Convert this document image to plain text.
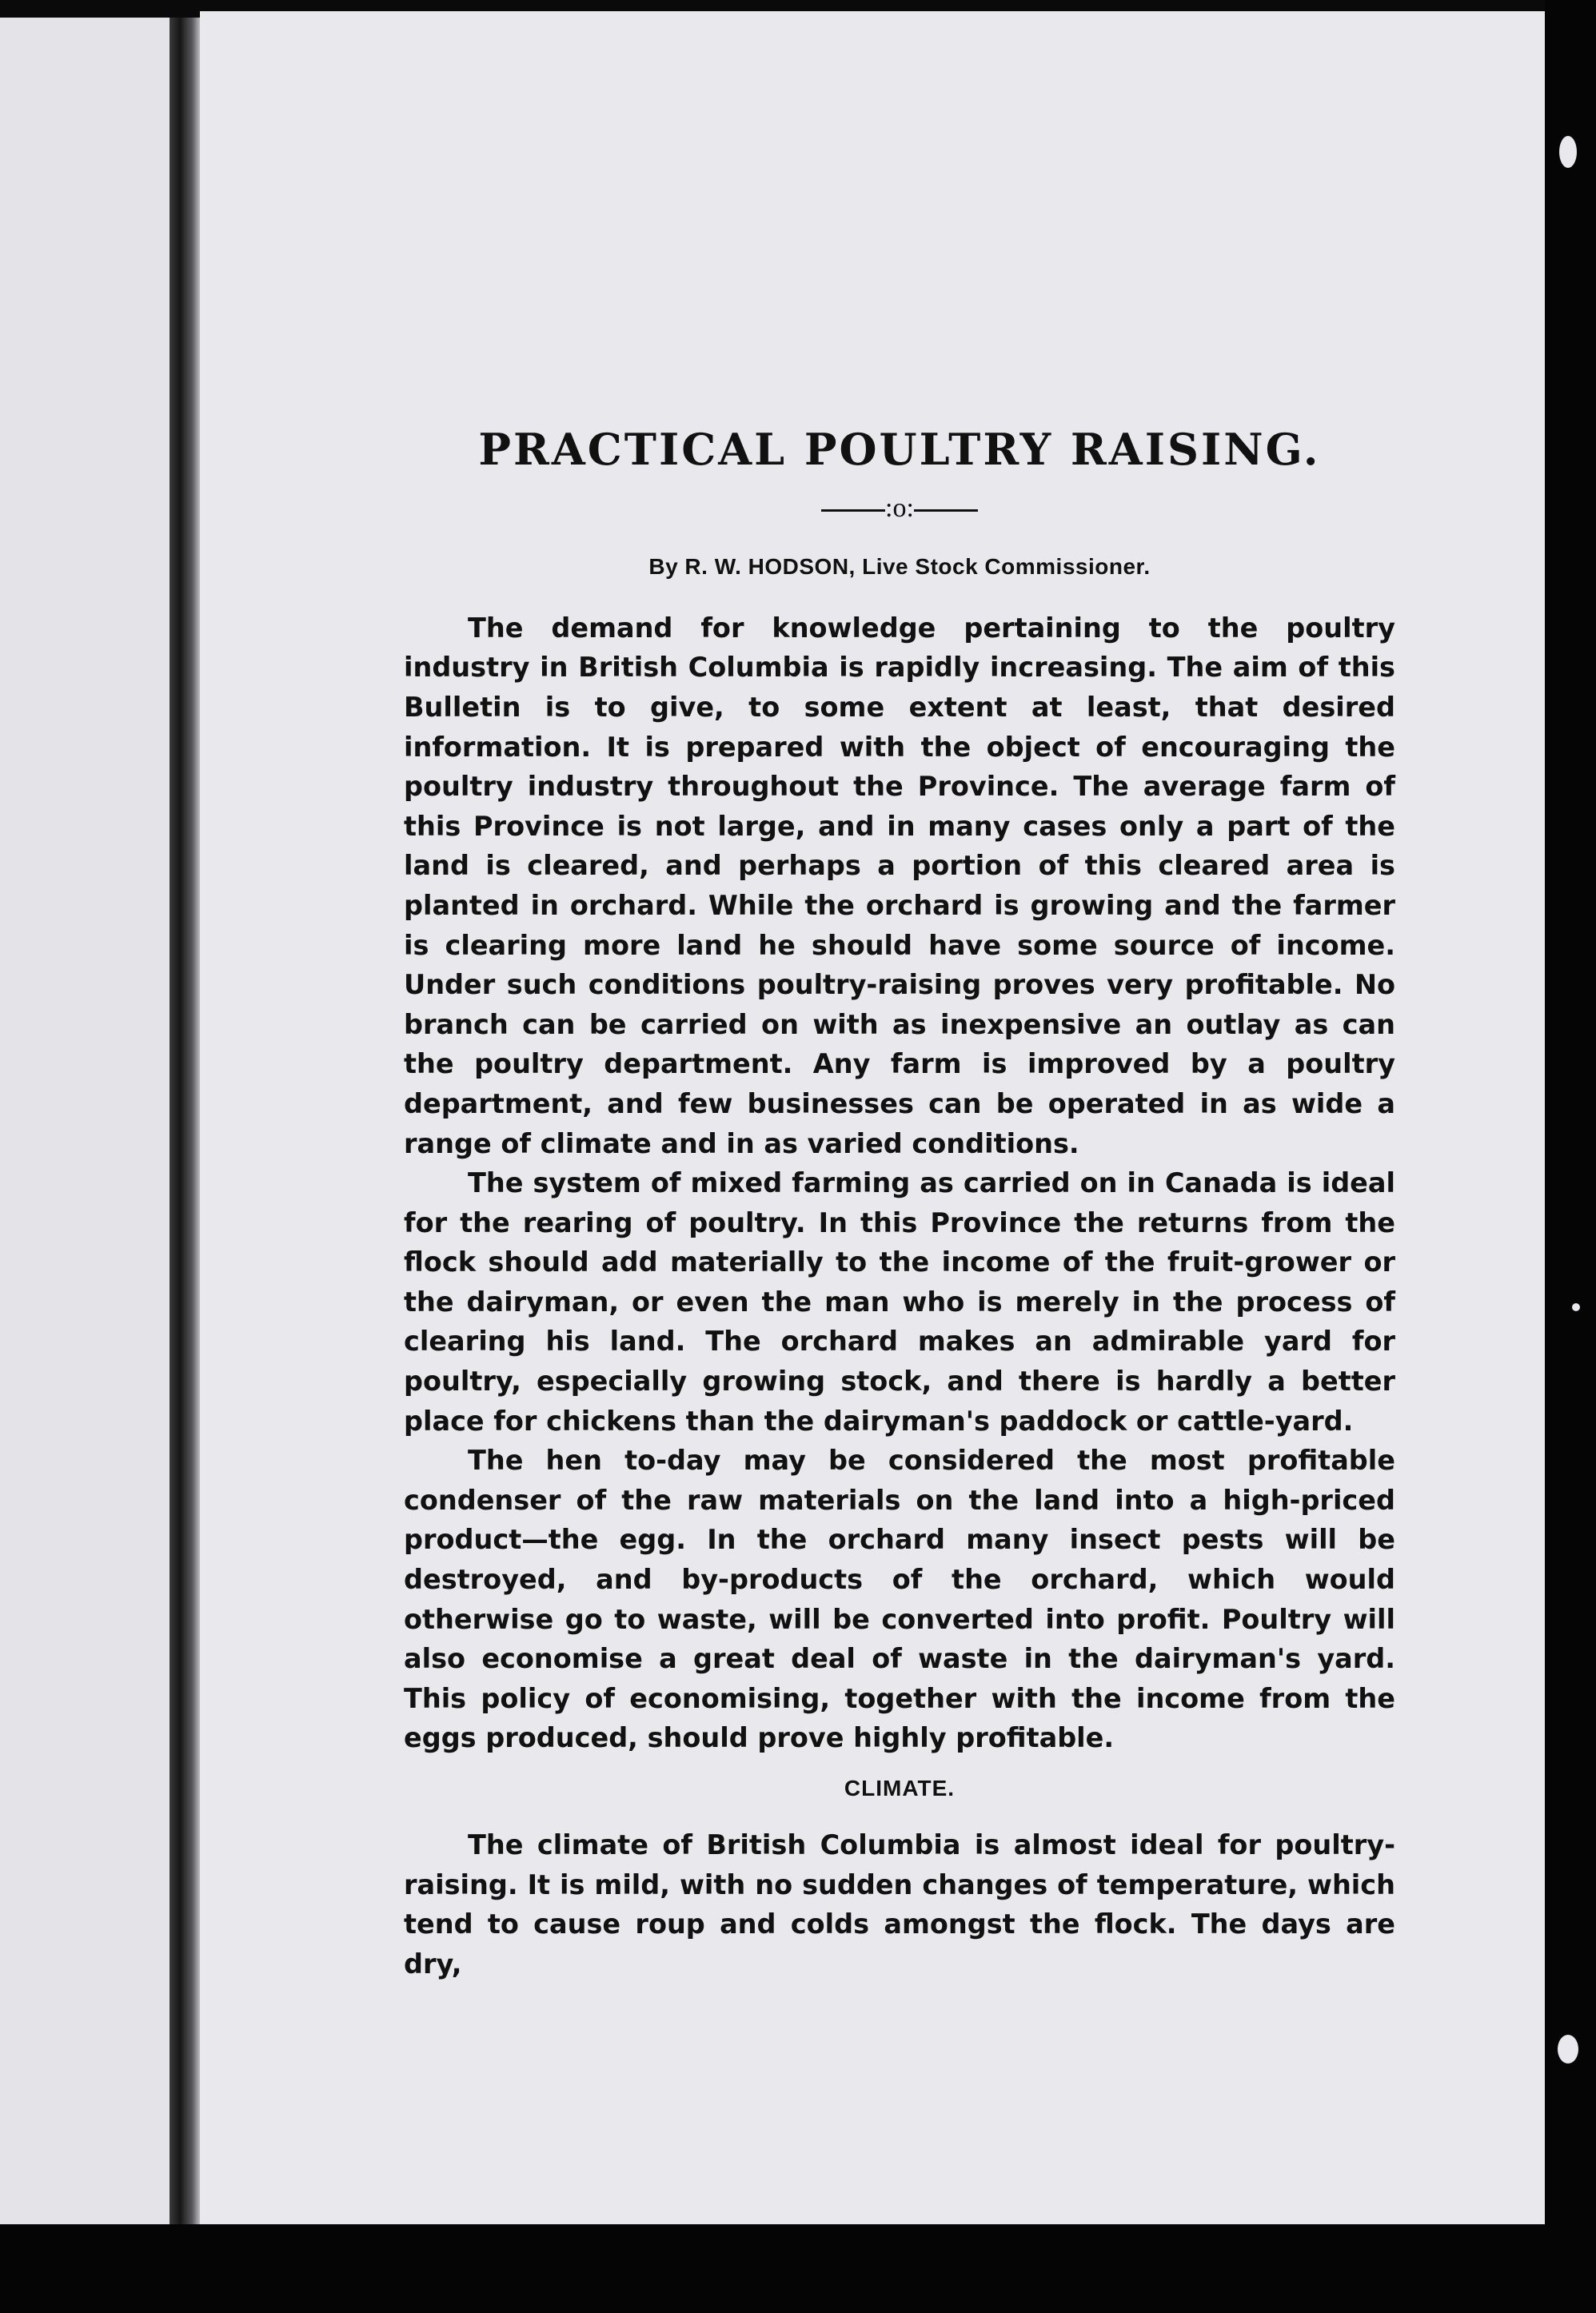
PRACTICAL POULTRY RAISING.
:o:
By R. W. HODSON, Live Stock Commissioner.

The demand for knowledge pertaining to the poultry industry in British Columbia is rapidly increasing. The aim of this Bulletin is to give, to some extent at least, that desired information. It is prepared with the object of encouraging the poultry industry throughout the Province. The average farm of this Province is not large, and in many cases only a part of the land is cleared, and perhaps a portion of this cleared area is planted in orchard. While the orchard is growing and the farmer is clearing more land he should have some source of income. Under such conditions poultry-raising proves very profitable. No branch can be carried on with as inexpensive an outlay as can the poultry department. Any farm is improved by a poultry department, and few businesses can be operated in as wide a range of climate and in as varied conditions.

The system of mixed farming as carried on in Canada is ideal for the rearing of poultry. In this Province the returns from the flock should add materially to the income of the fruit-grower or the dairyman, or even the man who is merely in the process of clearing his land. The orchard makes an admirable yard for poultry, especially growing stock, and there is hardly a better place for chickens than the dairyman's paddock or cattle-yard.

The hen to-day may be considered the most profitable condenser of the raw materials on the land into a high-priced product—the egg. In the orchard many insect pests will be destroyed, and by-products of the orchard, which would otherwise go to waste, will be converted into profit. Poultry will also economise a great deal of waste in the dairyman's yard. This policy of economising, together with the income from the eggs produced, should prove highly profitable.

CLIMATE.

The climate of British Columbia is almost ideal for poultry-raising. It is mild, with no sudden changes of temperature, which tend to cause roup and colds amongst the flock. The days are dry,
